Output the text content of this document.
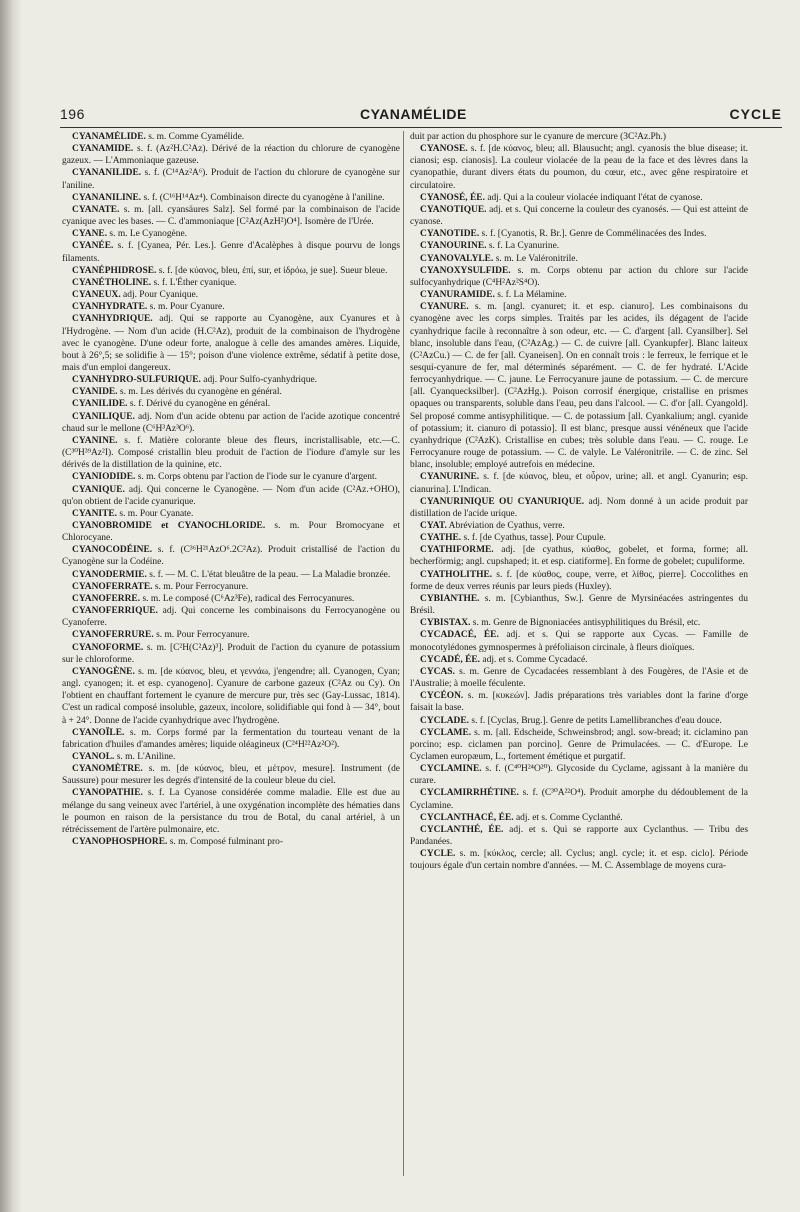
196	CYANAMÉLIDE	CYCLE

CYANAMÉLIDE. s. m. Comme Cyamélide.

CYANAMIDE. s. f. (Az²H.C²Az). Dérivé de la réaction du chlorure de cyanogène gazeux. — L'Ammoniaque gazeuse.

CYANANILIDE. s. f. (C¹⁴Az²A⁶). Produit de l'action du chlorure de cyanogène sur l'aniline.

CYANANILINE. s. f. (C¹⁶H¹⁴Az⁴). Combinaison directe du cyanogène à l'aniline.

CYANATE. s. m. [all. cyansäures Salz]. Sel formé par la combinaison de l'acide cyanique avec les bases. — C. d'ammoniaque [C²Az(AzH²)O⁴]. Isomère de l'Urée.

CYANE. s. m. Le Cyanogène.

CYANÉE. s. f. [Cyanea, Pér. Les.]. Genre d'Acalèphes à disque pourvu de longs filaments.

CYANÉPHIDROSE. s. f. [de κύανος, bleu, ἐπί, sur, et ἱδρόω, je sue]. Sueur bleue.

CYANÉTHOLINE. s. f. L'Éther cyanique.

CYANEUX. adj. Pour Cyanique.

CYANHYDRATE. s. m. Pour Cyanure.

CYANHYDRIQUE. adj. Qui se rapporte au Cyanogène, aux Cyanures et à l'Hydrogène. — Nom d'un acide (H.C²Az), produit de la combinaison de l'hydrogène avec le cyanogène. D'une odeur forte, analogue à celle des amandes amères. Liquide, bout à 26°,5; se solidifie à — 15°; poison d'une violence extrême, sédatif à petite dose, mais d'un emploi dangereux.

CYANHYDRO-SULFURIQUE. adj. Pour Sulfo-cyanhydrique.

CYANIDE. s. m. Les dérivés du cyanogène en général.

CYANILIDE. s. f. Dérivé du cyanogène en général.

CYANILIQUE. adj. Nom d'un acide obtenu par action de l'acide azotique concentré chaud sur le mellone (C⁶H³Az³O⁶).

CYANINE. s. f. Matière colorante bleue des fleurs, incristallisable, etc.—C. (C³⁰H³⁹Az²I). Composé cristallin bleu produit de l'action de l'iodure d'amyle sur les dérivés de la distillation de la quinine, etc.

CYANIODIDE. s. m. Corps obtenu par l'action de l'iode sur le cyanure d'argent.

CYANIQUE. adj. Qui concerne le Cyanogène. — Nom d'un acide (C²Az.+OHO), qu'on obtient de l'acide cyanurique.

CYANITE. s. m. Pour Cyanate.

CYANOBROMIDE et CYANOCHLORIDE. s. m. Pour Bromocyane et Chlorocyane.

CYANOCODÉINE. s. f. (C³⁶H²¹AzO⁶.2C²Az). Produit cristallisé de l'action du Cyanogène sur la Codéine.

CYANODERMIE. s. f. — M. C. L'état bleuâtre de la peau. — La Maladie bronzée.

CYANOFERRATE. s. m. Pour Ferrocyanure.

CYANOFERRE. s. m. Le composé (C⁶Az³Fe), radical des Ferrocyanures.

CYANOFERRIQUE. adj. Qui concerne les combinaisons du Ferrocyanogène ou Cyanoferre.

CYANOFERRURE. s. m. Pour Ferrocyanure.

CYANOFORME. s. m. [C²H(C²Az)³]. Produit de l'action du cyanure de potassium sur le chloroforme.

CYANOGÈNE. s. m. [de κύανος, bleu, et γεννάω, j'engendre; all. Cyanogen, Cyan; angl. cyanogen; it. et esp. cyanogeno]. Cyanure de carbone gazeux (C²Az ou Cy). On l'obtient en chauffant fortement le cyanure de mercure pur, très sec (Gay-Lussac, 1814). C'est un radical composé insoluble, gazeux, incolore, solidifiable qui fond à — 34°, bout à + 24°. Donne de l'acide cyanhydrique avec l'hydrogène.

CYANOÏLE. s. m. Corps formé par la fermentation du tourteau venant de la fabrication d'huiles d'amandes amères; liquide oléagineux (C²⁴H²²Az²O²).

CYANOL. s. m. L'Aniline.

CYANOMÈTRE. s. m. [de κύανος, bleu, et μέτρον, mesure]. Instrument (de Saussure) pour mesurer les degrés d'intensité de la couleur bleue du ciel.

CYANOPATHIE. s. f. La Cyanose considérée comme maladie. Elle est due au mélange du sang veineux avec l'artériel, à une oxygénation incomplète des hématies dans le poumon en raison de la persistance du trou de Botal, du canal artériel, à un rétrécissement de l'artère pulmonaire, etc.

CYANOPHOSPHORE. s. m. Composé fulminant pro-

duit par action du phosphore sur le cyanure de mercure (3C²Az.Ph.)

CYANOSE. s. f. [de κύανος, bleu; all. Blausucht; angl. cyanosis the blue disease; it. cianosi; esp. cianosis]. La couleur violacée de la peau de la face et des lèvres dans la cyanopathie, durant divers états du poumon, du cœur, etc., avec gêne respiratoire et circulatoire.

CYANOSÉ, ÉE. adj. Qui a la couleur violacée indiquant l'état de cyanose.

CYANOTIQUE. adj. et s. Qui concerne la couleur des cyanosés. — Qui est atteint de cyanose.

CYANOTIDE. s. f. [Cyanotis, R. Br.]. Genre de Commélinacées des Indes.

CYANOURINE. s. f. La Cyanurine.

CYANOVALYLE. s. m. Le Valéronitrile.

CYANOXYSULFIDE. s. m. Corps obtenu par action du chlore sur l'acide sulfocyanhydrique (C⁴H²Az²S⁴O).

CYANURAMIDE. s. f. La Mélamine.

CYANURE. s. m. [angl. cyanuret; it. et esp. cianuro]. Les combinaisons du cyanogène avec les corps simples. Traités par les acides, ils dégagent de l'acide cyanhydrique facile à reconnaître à son odeur, etc. — C. d'argent [all. Cyansilber]. Sel blanc, insoluble dans l'eau, (C²AzAg.) — C. de cuivre [all. Cyankupfer]. Blanc laiteux (C²AzCu.) — C. de fer [all. Cyaneisen]. On en connaît trois : le ferreux, le ferrique et le sesqui-cyanure de fer, mal déterminés séparément. — C. de fer hydraté. L'Acide ferrocyanhydrique. — C. jaune. Le Ferrocyanure jaune de potassium. — C. de mercure [all. Cyanquecksilber]. (C²AzHg.). Poison corrosif énergique, cristallise en prismes opaques ou transparents, soluble dans l'eau, peu dans l'alcool. — C. d'or [all. Cyangold]. Sel proposé comme antisyphilitique. — C. de potassium [all. Cyankalium; angl. cyanide of potassium; it. cianuro di potassio]. Il est blanc, presque aussi vénéneux que l'acide cyanhydrique (C²AzK). Cristallise en cubes; très soluble dans l'eau. — C. rouge. Le Ferrocyanure rouge de potassium. — C. de valyle. Le Valéronitrile. — C. de zinc. Sel blanc, insoluble; employé autrefois en médecine.

CYANURINE. s. f. [de κύανος, bleu, et οὖρον, urine; all. et angl. Cyanurin; esp. cianurina]. L'Indican.

CYANURINIQUE OU CYANURIQUE. adj. Nom donné à un acide produit par distillation de l'acide urique.

CYAT. Abréviation de Cyathus, verre.

CYATHE. s. f. [de Cyathus, tasse]. Pour Cupule.

CYATHIFORME. adj. [de cyathus, κύαθος, gobelet, et forma, forme; all. becherförmig; angl. cupshaped; it. et esp. ciatiforme]. En forme de gobelet; cupuliforme.

CYATHOLITHE. s. f. [de κύαθος, coupe, verre, et λίθος, pierre]. Coccolithes en forme de deux verres réunis par leurs pieds (Huxley).

CYBIANTHE. s. m. [Cybianthus, Sw.]. Genre de Myrsinéacées astringentes du Brésil.

CYBISTAX. s. m. Genre de Bignoniacées antisyphilitiques du Brésil, etc.

CYCADACÉ, ÉE. adj. et s. Qui se rapporte aux Cycas. — Famille de monocotylédones gymnospermes à préfoliaison circinale, à fleurs dioïques.

CYCADÉ, ÉE. adj. et s. Comme Cycadacé.

CYCAS. s. m. Genre de Cycadacées ressemblant à des Fougères, de l'Asie et de l'Australie; à moelle féculente.

CYCÉON. s. m. [κυκεών]. Jadis préparations très variables dont la farine d'orge faisait la base.

CYCLADE. s. f. [Cyclas, Brug.]. Genre de petits Lamellibranches d'eau douce.

CYCLAME. s. m. [all. Edscheide, Schweinsbrod; angl. sow-bread; it. ciclamino pan porcino; esp. ciclamen pan porcino]. Genre de Primulacées. — C. d'Europe. Le Cyclamen europæum, L., fortement émétique et purgatif.

CYCLAMINE. s. f. (C⁴⁰H²⁴O²⁰). Glycoside du Cyclame, agissant à la manière du curare.

CYCLAMIRRHÉTINE. s. f. (C³⁰A²²O⁴). Produit amorphe du dédoublement de la Cyclamine.

CYCLANTHACÉ, ÉE. adj. et s. Comme Cyclanthé.

CYCLANTHÉ, ÉE. adj. et s. Qui se rapporte aux Cyclanthus. — Tribu des Pandanées.

CYCLE. s. m. [κύκλος, cercle; all. Cyclus; angl. cycle; it. et esp. ciclo]. Période toujours égale d'un certain nombre d'années. — M. C. Assemblage de moyens cura-
